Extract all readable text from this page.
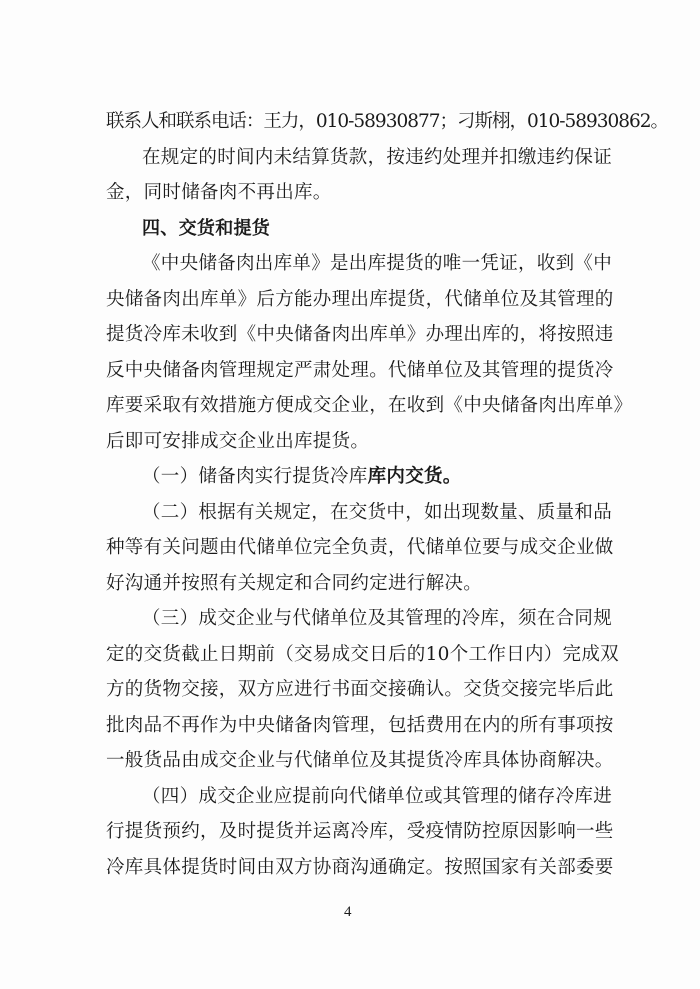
联系人和联系电话：王力，010-58930877；刁斯栩，010-58930862。
在规定的时间内未结算货款，按违约处理并扣缴违约保证
金，同时储备肉不再出库。
四、交货和提货
《中央储备肉出库单》是出库提货的唯一凭证，收到《中
央储备肉出库单》后方能办理出库提货，代储单位及其管理的
提货冷库未收到《中央储备肉出库单》办理出库的，将按照违
反中央储备肉管理规定严肃处理。代储单位及其管理的提货冷
库要采取有效措施方便成交企业，在收到《中央储备肉出库单》
后即可安排成交企业出库提货。
（一）储备肉实行提货冷库库内交货。
（二）根据有关规定，在交货中，如出现数量、质量和品
种等有关问题由代储单位完全负责，代储单位要与成交企业做
好沟通并按照有关规定和合同约定进行解决。
（三）成交企业与代储单位及其管理的冷库，须在合同规
定的交货截止日期前（交易成交日后的10个工作日内）完成双
方的货物交接，双方应进行书面交接确认。交货交接完毕后此
批肉品不再作为中央储备肉管理，包括费用在内的所有事项按
一般货品由成交企业与代储单位及其提货冷库具体协商解决。
（四）成交企业应提前向代储单位或其管理的储存冷库进
行提货预约，及时提货并运离冷库，受疫情防控原因影响一些
冷库具体提货时间由双方协商沟通确定。按照国家有关部委要
4
